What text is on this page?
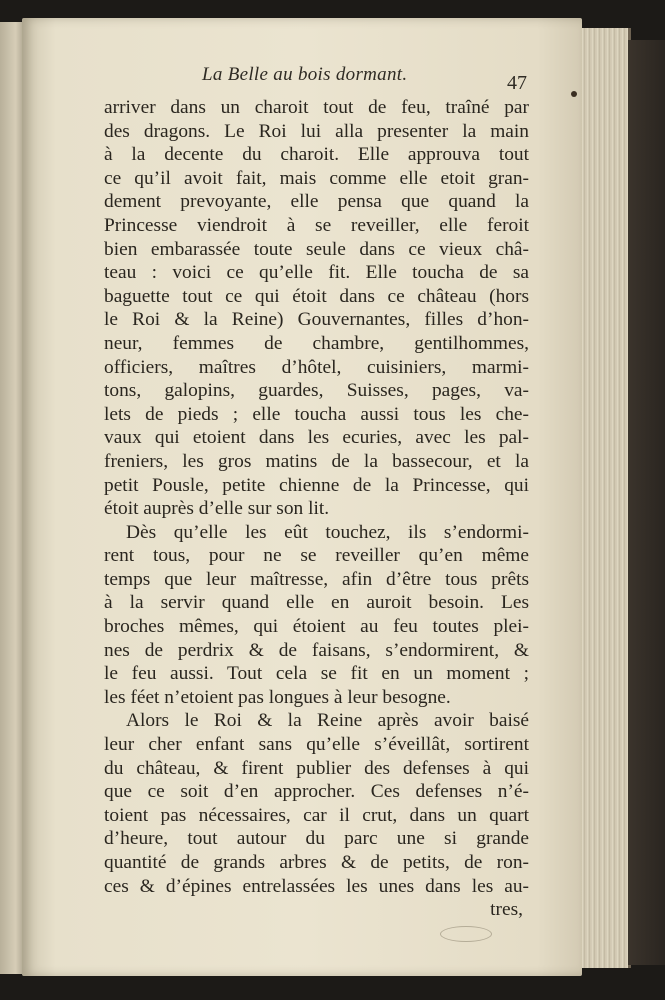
La Belle au bois dormant.	47
arriver dans un charoit tout de feu, traîné par
des dragons. Le Roi lui alla presenter la main
à la decente du charoit. Elle approuva tout
ce qu’il avoit fait, mais comme elle etoit gran-
dement prevoyante, elle pensa que quand la
Princesse viendroit à se reveiller, elle feroit
bien embarassée toute seule dans ce vieux châ-
teau : voici ce qu’elle fit. Elle toucha de sa
baguette tout ce qui étoit dans ce château (hors
le Roi & la Reine) Gouvernantes, filles d’hon-
neur, femmes de chambre, gentilhommes,
officiers, maîtres d’hôtel, cuisiniers, marmi-
tons, galopins, guardes, Suisses, pages, va-
lets de pieds ; elle toucha aussi tous les che-
vaux qui etoient dans les ecuries, avec les pal-
freniers, les gros matins de la bassecour, et la
petit Pousle, petite chienne de la Princesse, qui
étoit auprès d’elle sur son lit.
Dès qu’elle les eût touchez, ils s’endormi-
rent tous, pour ne se reveiller qu’en même
temps que leur maîtresse, afin d’être tous prêts
à la servir quand elle en auroit besoin. Les
broches mêmes, qui étoient au feu toutes plei-
nes de perdrix & de faisans, s’endormirent, &
le feu aussi. Tout cela se fit en un moment ;
les féet n’etoient pas longues à leur besogne.
Alors le Roi & la Reine après avoir baisé
leur cher enfant sans qu’elle s’éveillât, sortirent
du château, & firent publier des defenses à qui
que ce soit d’en approcher. Ces defenses n’é-
toient pas nécessaires, car il crut, dans un quart
d’heure, tout autour du parc une si grande
quantité de grands arbres & de petits, de ron-
ces & d’épines entrelassées les unes dans les au-
tres,
